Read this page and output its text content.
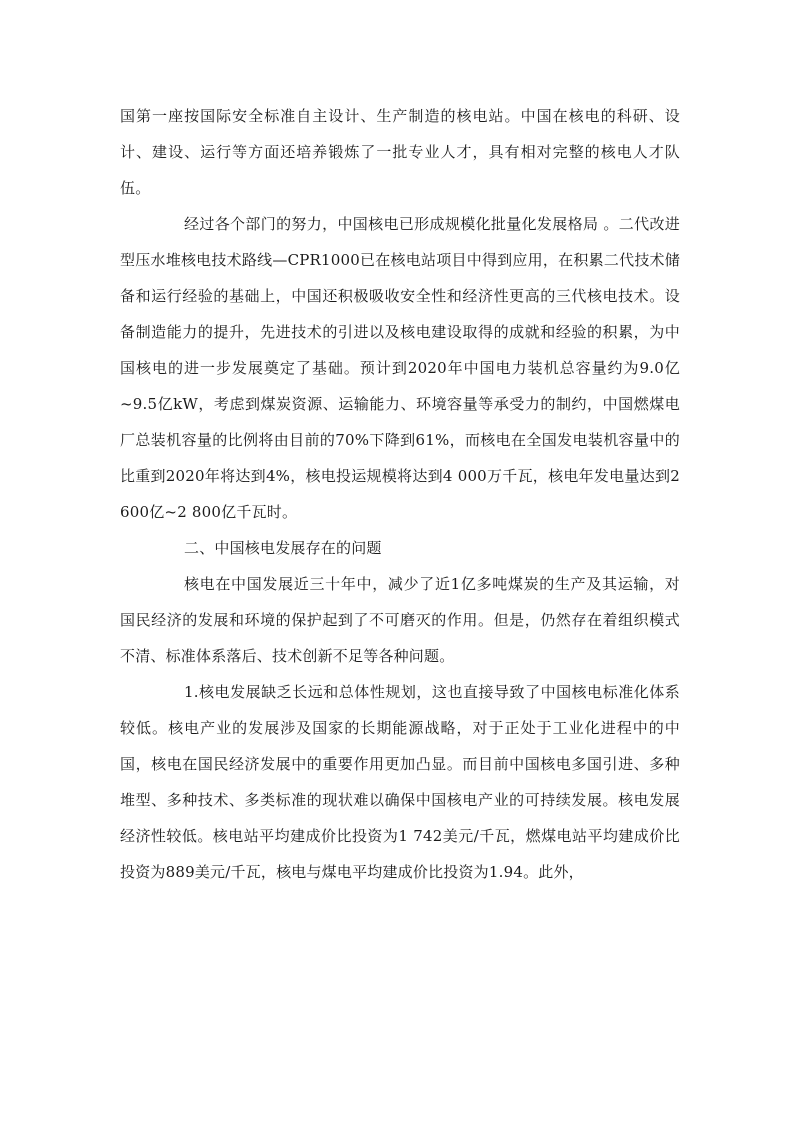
国第一座按国际安全标准自主设计、生产制造的核电站。中国在核电的科研、设计、建设、运行等方面还培养锻炼了一批专业人才，具有相对完整的核电人才队伍。

经过各个部门的努力，中国核电已形成规模化批量化发展格局 。二代改进型压水堆核电技术路线—CPR1000已在核电站项目中得到应用，在积累二代技术储备和运行经验的基础上，中国还积极吸收安全性和经济性更高的三代核电技术。设备制造能力的提升，先进技术的引进以及核电建设取得的成就和经验的积累，为中国核电的进一步发展奠定了基础。预计到2020年中国电力装机总容量约为9.0亿~9.5亿kW，考虑到煤炭资源、运输能力、环境容量等承受力的制约，中国燃煤电厂总装机容量的比例将由目前的70%下降到61%，而核电在全国发电装机容量中的比重到2020年将达到4%，核电投运规模将达到4 000万千瓦，核电年发电量达到2 600亿~2 800亿千瓦时。

二、中国核电发展存在的问题

核电在中国发展近三十年中，减少了近1亿多吨煤炭的生产及其运输，对国民经济的发展和环境的保护起到了不可磨灭的作用。但是，仍然存在着组织模式不清、标准体系落后、技术创新不足等各种问题。

1.核电发展缺乏长远和总体性规划，这也直接导致了中国核电标准化体系较低。核电产业的发展涉及国家的长期能源战略，对于正处于工业化进程中的中国，核电在国民经济发展中的重要作用更加凸显。而目前中国核电多国引进、多种堆型、多种技术、多类标准的现状难以确保中国核电产业的可持续发展。核电发展经济性较低。核电站平均建成价比投资为1 742美元/千瓦，燃煤电站平均建成价比投资为889美元/千瓦，核电与煤电平均建成价比投资为1.94。此外，
